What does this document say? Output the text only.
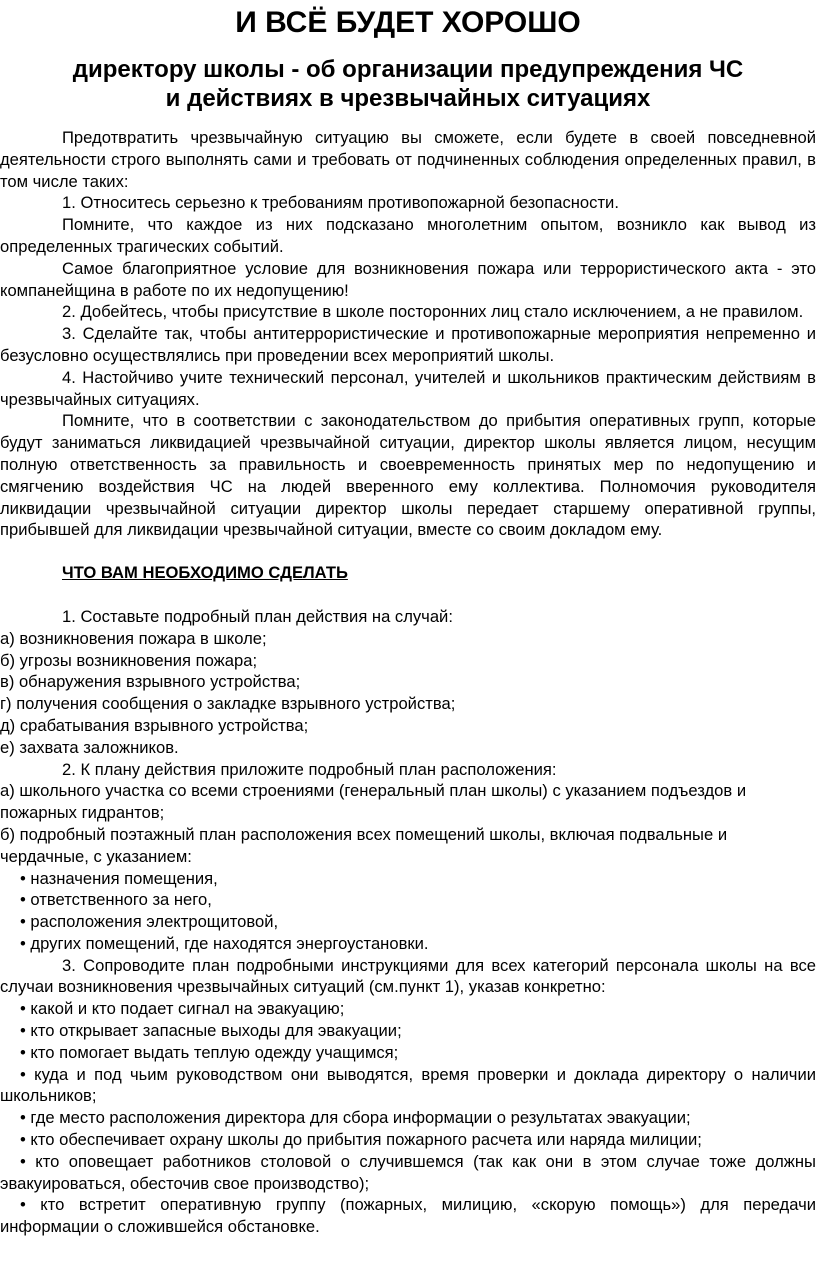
И ВСЁ БУДЕТ ХОРОШО
директору школы - об организации предупреждения ЧС
и действиях в чрезвычайных ситуациях

Предотвратить чрезвычайную ситуацию вы сможете, если будете в своей повседневной деятельности строго выполнять сами и требовать от подчиненных соблюдения определенных правил, в том числе таких:

1. Относитесь серьезно к требованиям противопожарной безопасности.

Помните, что каждое из них подсказано многолетним опытом, возникло как вывод из определенных трагических событий.

Самое благоприятное условие для возникновения пожара или террористического акта - это компанейщина в работе по их недопущению!

2. Добейтесь, чтобы присутствие в школе посторонних лиц стало исключением, а не правилом.

3. Сделайте так, чтобы антитеррористические и противопожарные мероприятия непременно и безусловно осуществлялись при проведении всех мероприятий школы.

4. Настойчиво учите технический персонал, учителей и школьников практическим действиям в чрезвычайных ситуациях.

Помните, что в соответствии с законодательством до прибытия оперативных групп, которые будут заниматься ликвидацией чрезвычайной ситуации, директор школы является лицом, несущим полную ответственность за правильность и своевременность принятых мер по недопущению и смягчению воздействия ЧС на людей вверенного ему коллектива. Полномочия руководителя ликвидации чрезвычайной ситуации директор школы передает старшему оперативной группы, прибывшей для ликвидации чрезвычайной ситуации, вместе со своим докладом ему.

ЧТО ВАМ НЕОБХОДИМО СДЕЛАТЬ

1. Составьте подробный план действия на случай:

а) возникновения пожара в школе;

б) угрозы возникновения пожара;

в) обнаружения взрывного устройства;

г) получения сообщения о закладке взрывного устройства;

д) срабатывания взрывного устройства;

е) захвата заложников.

2. К плану действия приложите подробный план расположения:

а) школьного участка со всеми строениями (генеральный план школы) с указанием подъездов и пожарных гидрантов;

б) подробный поэтажный план расположения всех помещений школы, включая подвальные и чердачные, с указанием:

• назначения помещения,

• ответственного за него,

• расположения электрощитовой,

• других помещений, где находятся энергоустановки.

3. Сопроводите план подробными инструкциями для всех категорий персонала школы на все случаи возникновения чрезвычайных ситуаций (см.пункт 1), указав конкретно:

• какой и кто подает сигнал на эвакуацию;

• кто открывает запасные выходы для эвакуации;

• кто помогает выдать теплую одежду учащимся;

• куда и под чьим руководством они выводятся, время проверки и доклада директору о наличии школьников;

• где место расположения директора для сбора информации о результатах эвакуации;

• кто обеспечивает охрану школы до прибытия пожарного расчета или наряда милиции;

• кто оповещает работников столовой о случившемся (так как они в этом случае тоже должны эвакуироваться, обесточив свое производство);

• кто встретит оперативную группу (пожарных, милицию, «скорую помощь») для передачи информации о сложившейся обстановке.
